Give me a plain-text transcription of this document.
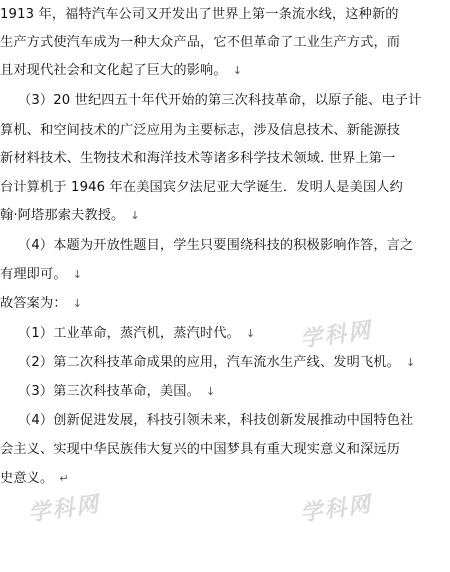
学科网
学科网	学科网
1913 年，福特汽车公司又开发出了世界上第一条流水线，这种新的
生产方式使汽车成为一种大众产品，它不但革命了工业生产方式，而
且对现代社会和文化起了巨大的影响。 ↓
（3）20 世纪四五十年代开始的第三次科技革命，以原子能、电子计
算机、和空间技术的广泛应用为主要标志，涉及信息技术、新能源技
新材料技术、生物技术和海洋技术等诸多科学技术领域. 世界上第一
台计算机于 1946 年在美国宾夕法尼亚大学诞生．发明人是美国人约
翰·阿塔那索夫教授。 ↓
（4）本题为开放性题目，学生只要围绕科技的积极影响作答，言之
有理即可。 ↓
故答案为： ↓
（1）工业革命，蒸汽机，蒸汽时代。 ↓
（2）第二次科技革命成果的应用，汽车流水生产线、发明飞机。 ↓
（3）第三次科技革命，美国。 ↓
（4）创新促进发展，科技引领未来，科技创新发展推动中国特色社
会主义、实现中华民族伟大复兴的中国梦具有重大现实意义和深远历
史意义。 ↵
